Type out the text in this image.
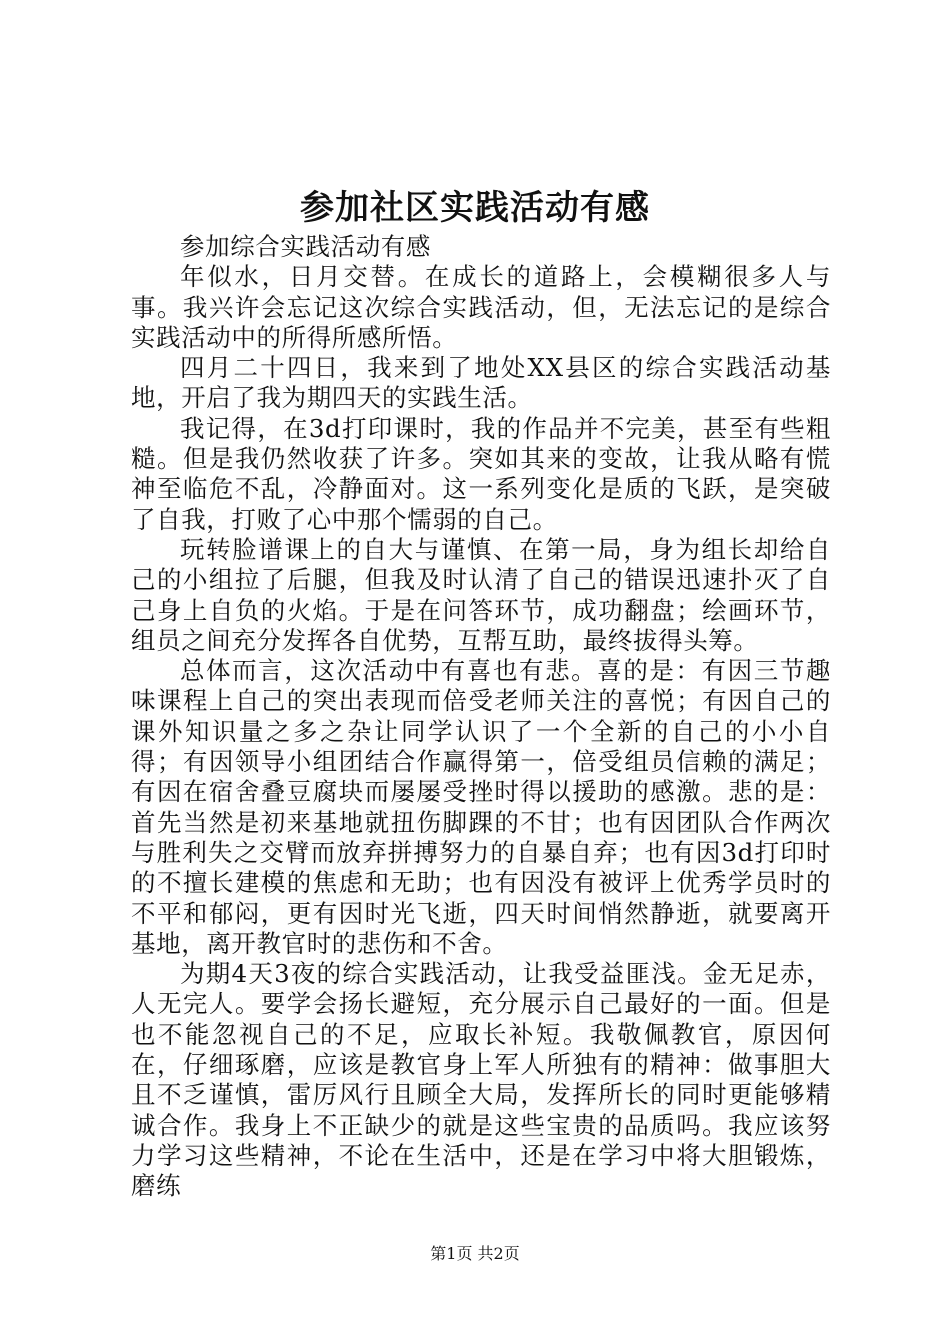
参加社区实践活动有感

参加综合实践活动有感

年似水，日月交替。在成长的道路上，会模糊很多人与事。我兴许会忘记这次综合实践活动，但，无法忘记的是综合实践活动中的所得所感所悟。

四月二十四日，我来到了地处XX县区的综合实践活动基地，开启了我为期四天的实践生活。

我记得，在3d打印课时，我的作品并不完美，甚至有些粗糙。但是我仍然收获了许多。突如其来的变故，让我从略有慌神至临危不乱，冷静面对。这一系列变化是质的飞跃，是突破了自我，打败了心中那个懦弱的自己。

玩转脸谱课上的自大与谨慎、在第一局，身为组长却给自己的小组拉了后腿，但我及时认清了自己的错误迅速扑灭了自己身上自负的火焰。于是在问答环节，成功翻盘；绘画环节，组员之间充分发挥各自优势，互帮互助，最终拔得头筹。

总体而言，这次活动中有喜也有悲。喜的是：有因三节趣味课程上自己的突出表现而倍受老师关注的喜悦；有因自己的课外知识量之多之杂让同学认识了一个全新的自己的小小自得；有因领导小组团结合作赢得第一，倍受组员信赖的满足；有因在宿舍叠豆腐块而屡屡受挫时得以援助的感激。悲的是：首先当然是初来基地就扭伤脚踝的不甘；也有因团队合作两次与胜利失之交臂而放弃拼搏努力的自暴自弃；也有因3d打印时的不擅长建模的焦虑和无助；也有因没有被评上优秀学员时的不平和郁闷，更有因时光飞逝，四天时间悄然静逝，就要离开基地，离开教官时的悲伤和不舍。

为期4天3夜的综合实践活动，让我受益匪浅。金无足赤，人无完人。要学会扬长避短，充分展示自己最好的一面。但是也不能忽视自己的不足，应取长补短。我敬佩教官，原因何在，仔细琢磨，应该是教官身上军人所独有的精神：做事胆大且不乏谨慎，雷厉风行且顾全大局，发挥所长的同时更能够精诚合作。我身上不正缺少的就是这些宝贵的品质吗。我应该努力学习这些精神，不论在生活中，还是在学习中将大胆锻炼，磨练

第1页 共2页
